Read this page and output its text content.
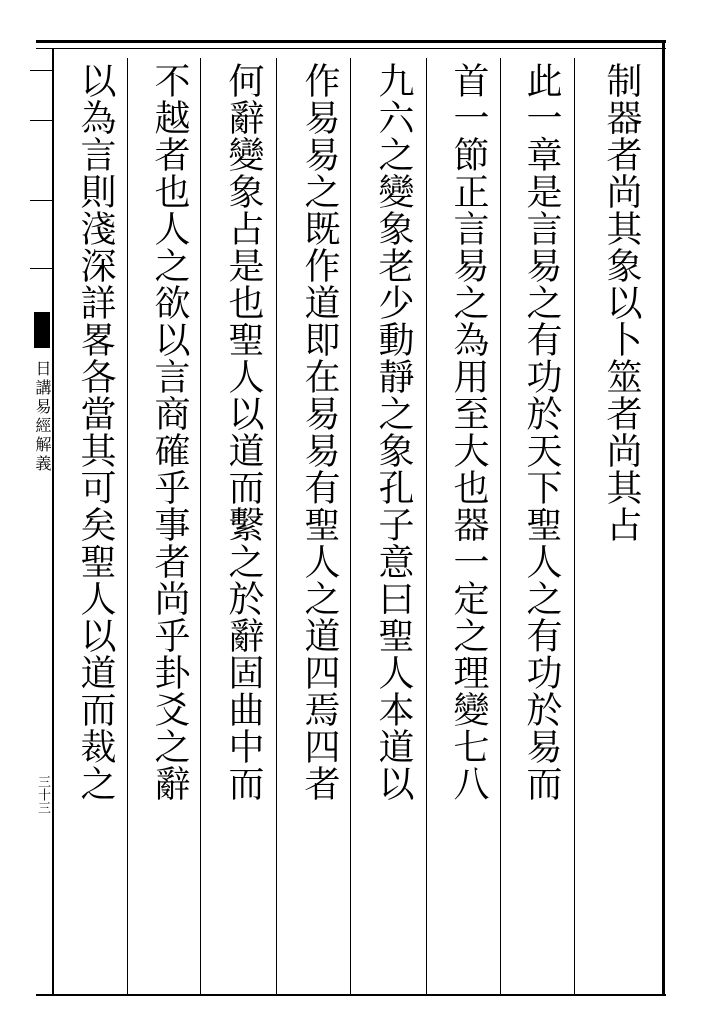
制器者尚其象以卜筮者尚其占
此一章是言易之有功於天下聖人之有功於易而
首一節正言易之為用至大也器一定之理變七八
九六之變象老少動靜之象孔子意曰聖人本道以
作易易之既作道即在易易有聖人之道四焉四者
何辭變象占是也聖人以道而繫之於辭固曲中而
不越者也人之欲以言商確乎事者尚乎卦爻之辭
以為言則淺深詳畧各當其可矣聖人以道而裁之
日講易經解義
三十三
